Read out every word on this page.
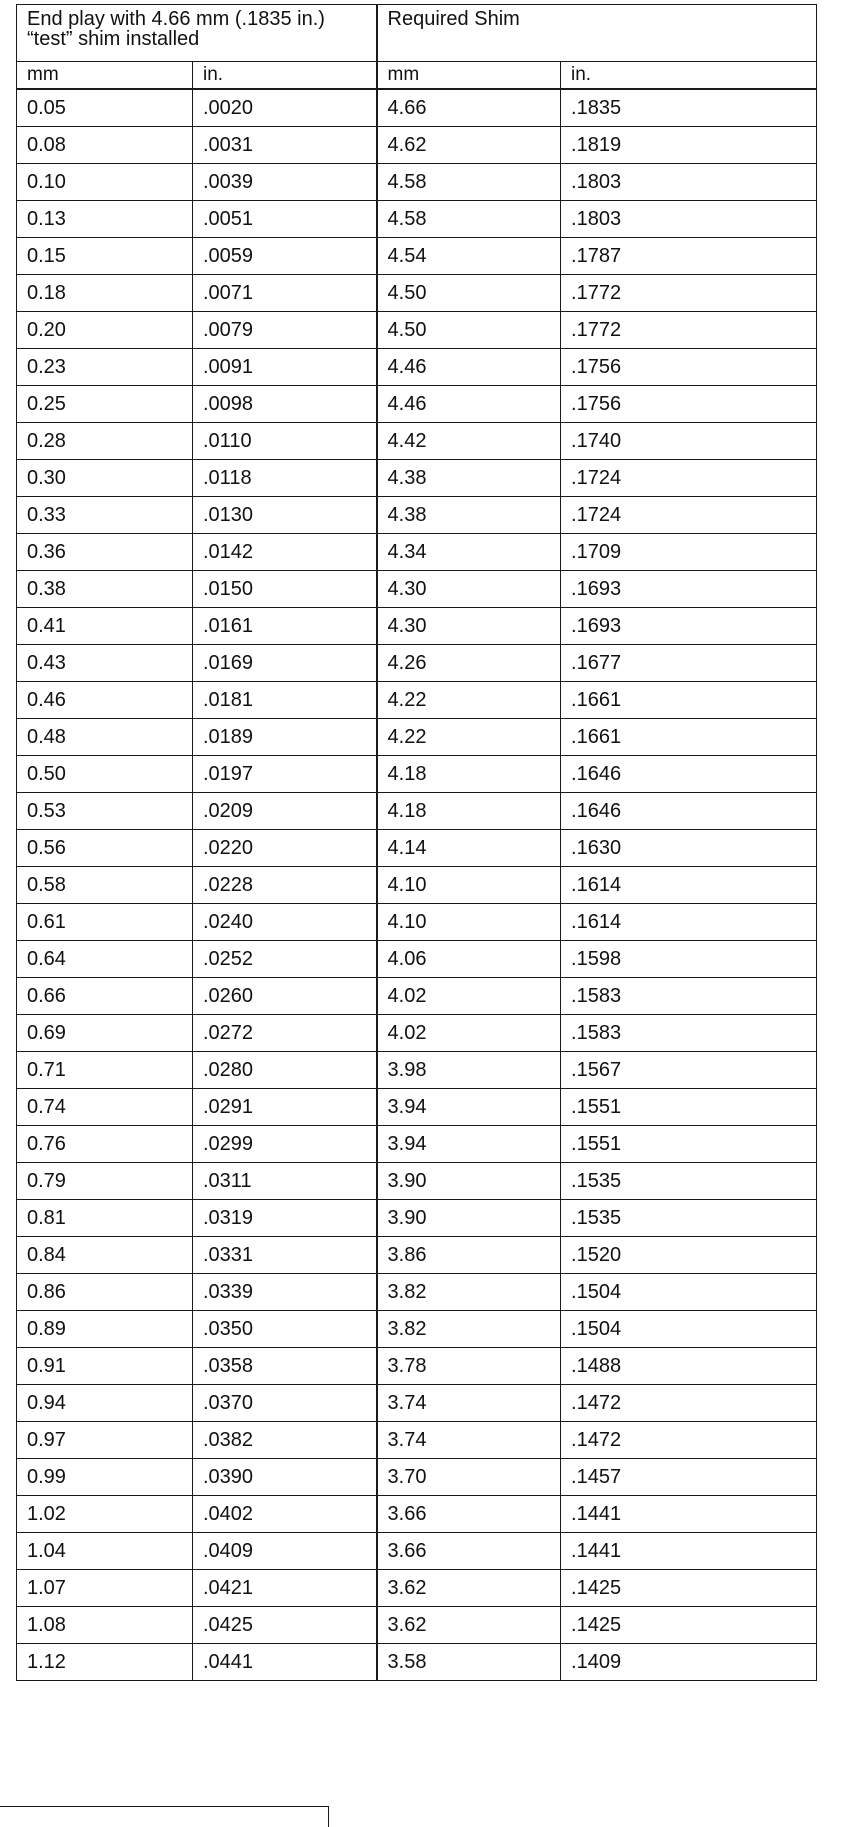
End play with 4.66 mm (.1835 in.) “test” shim installed		Required Shim	
mm	in.	mm	in.
0.05	.0020	4.66	.1835
0.08	.0031	4.62	.1819
0.10	.0039	4.58	.1803
0.13	.0051	4.58	.1803
0.15	.0059	4.54	.1787
0.18	.0071	4.50	.1772
0.20	.0079	4.50	.1772
0.23	.0091	4.46	.1756
0.25	.0098	4.46	.1756
0.28	.0110	4.42	.1740
0.30	.0118	4.38	.1724
0.33	.0130	4.38	.1724
0.36	.0142	4.34	.1709
0.38	.0150	4.30	.1693
0.41	.0161	4.30	.1693
0.43	.0169	4.26	.1677
0.46	.0181	4.22	.1661
0.48	.0189	4.22	.1661
0.50	.0197	4.18	.1646
0.53	.0209	4.18	.1646
0.56	.0220	4.14	.1630
0.58	.0228	4.10	.1614
0.61	.0240	4.10	.1614
0.64	.0252	4.06	.1598
0.66	.0260	4.02	.1583
0.69	.0272	4.02	.1583
0.71	.0280	3.98	.1567
0.74	.0291	3.94	.1551
0.76	.0299	3.94	.1551
0.79	.0311	3.90	.1535
0.81	.0319	3.90	.1535
0.84	.0331	3.86	.1520
0.86	.0339	3.82	.1504
0.89	.0350	3.82	.1504
0.91	.0358	3.78	.1488
0.94	.0370	3.74	.1472
0.97	.0382	3.74	.1472
0.99	.0390	3.70	.1457
1.02	.0402	3.66	.1441
1.04	.0409	3.66	.1441
1.07	.0421	3.62	.1425
1.08	.0425	3.62	.1425
1.12	.0441	3.58	.1409
